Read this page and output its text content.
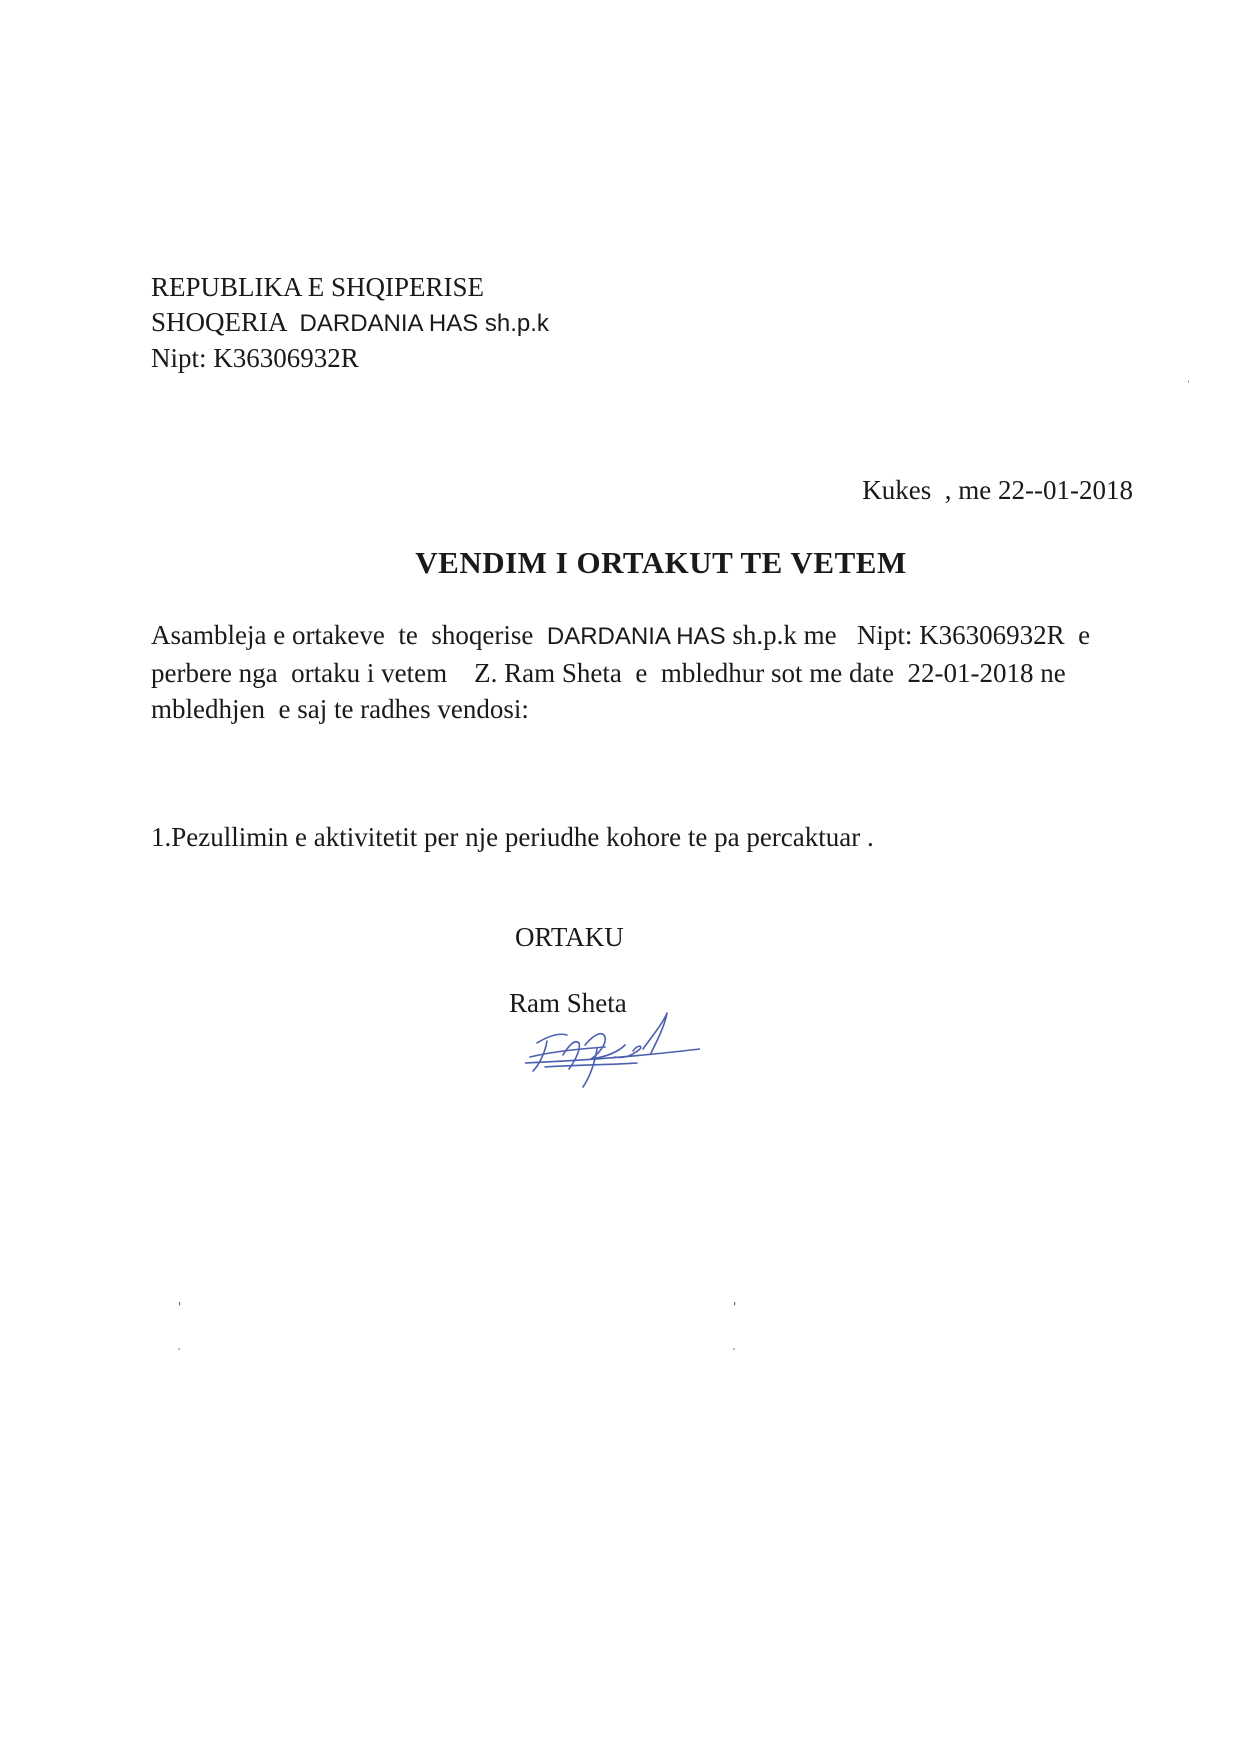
REPUBLIKA E SHQIPERISE
SHOQERIA  DARDANIA HAS sh.p.k
Nipt: K36306932R
Kukes  , me 22--01-2018
VENDIM I ORTAKUT TE VETEM
Asambleja e ortakeve  te  shoqerise  DARDANIA HAS sh.p.k me   Nipt: K36306932R  e
perbere nga  ortaku i vetem    Z. Ram Sheta  e  mbledhur sot me date  22-01-2018 ne
mbledhjen  e saj te radhes vendosi:
1.Pezullimin e aktivitetit per nje periudhe kohore te pa percaktuar .
ORTAKU
Ram Sheta
'	'
